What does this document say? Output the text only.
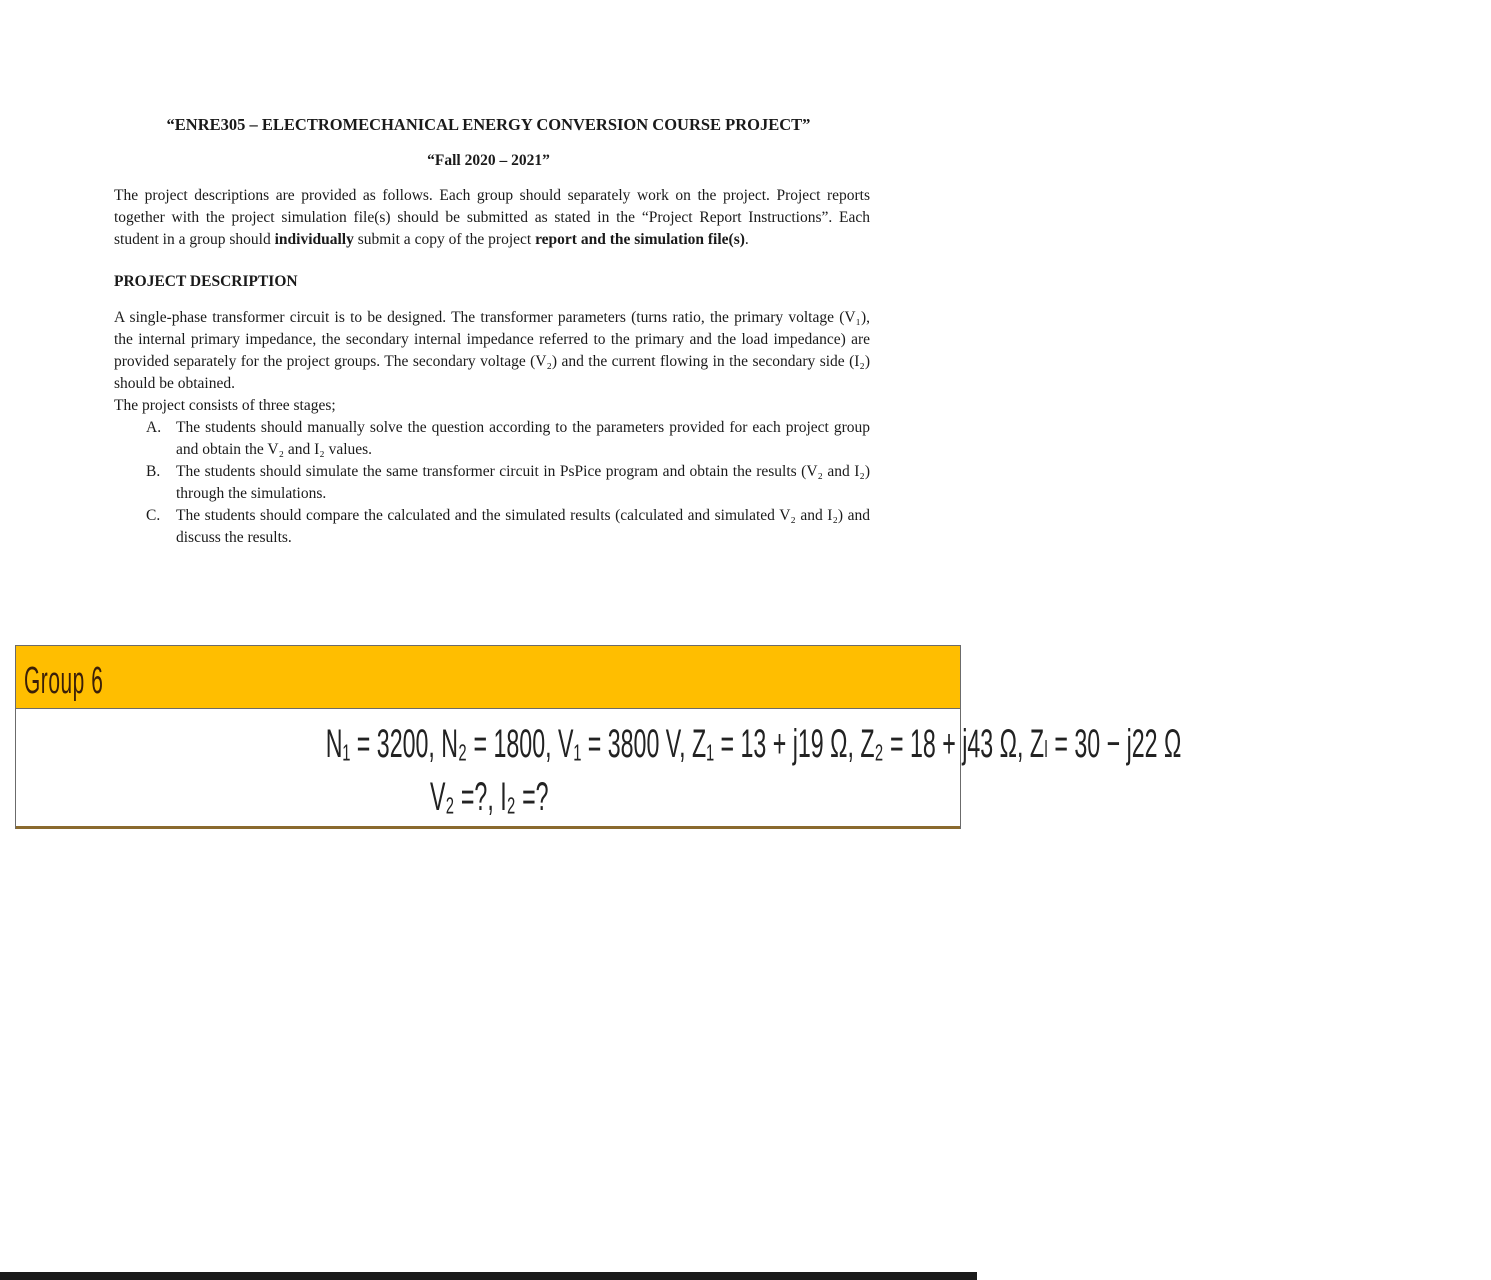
“ENRE305 – ELECTROMECHANICAL ENERGY CONVERSION COURSE PROJECT”
“Fall 2020 – 2021”

The project descriptions are provided as follows. Each group should separately work on the project. Project reports together with the project simulation file(s) should be submitted as stated in the “Project Report Instructions”. Each student in a group should individually submit a copy of the project report and the simulation file(s).

PROJECT DESCRIPTION

A single-phase transformer circuit is to be designed. The transformer parameters (turns ratio, the primary voltage (V₁), the internal primary impedance, the secondary internal impedance referred to the primary and the load impedance) are provided separately for the project groups. The secondary voltage (V₂) and the current flowing in the secondary side (I₂) should be obtained.

The project consists of three stages;

A. The students should manually solve the question according to the parameters provided for each project group and obtain the V₂ and I₂ values.
B. The students should simulate the same transformer circuit in PsPice program and obtain the results (V₂ and I₂) through the simulations.
C. The students should compare the calculated and the simulated results (calculated and simulated V₂ and I₂) and discuss the results.
Group 6
N₁ = 3200, N₂ = 1800, V₁ = 3800 V, Z₁ = 13 + j19 Ω, Z₂ = 18 + j43 Ω, Zₗ = 30 − j22 Ω
V₂ =?, I₂ =?
